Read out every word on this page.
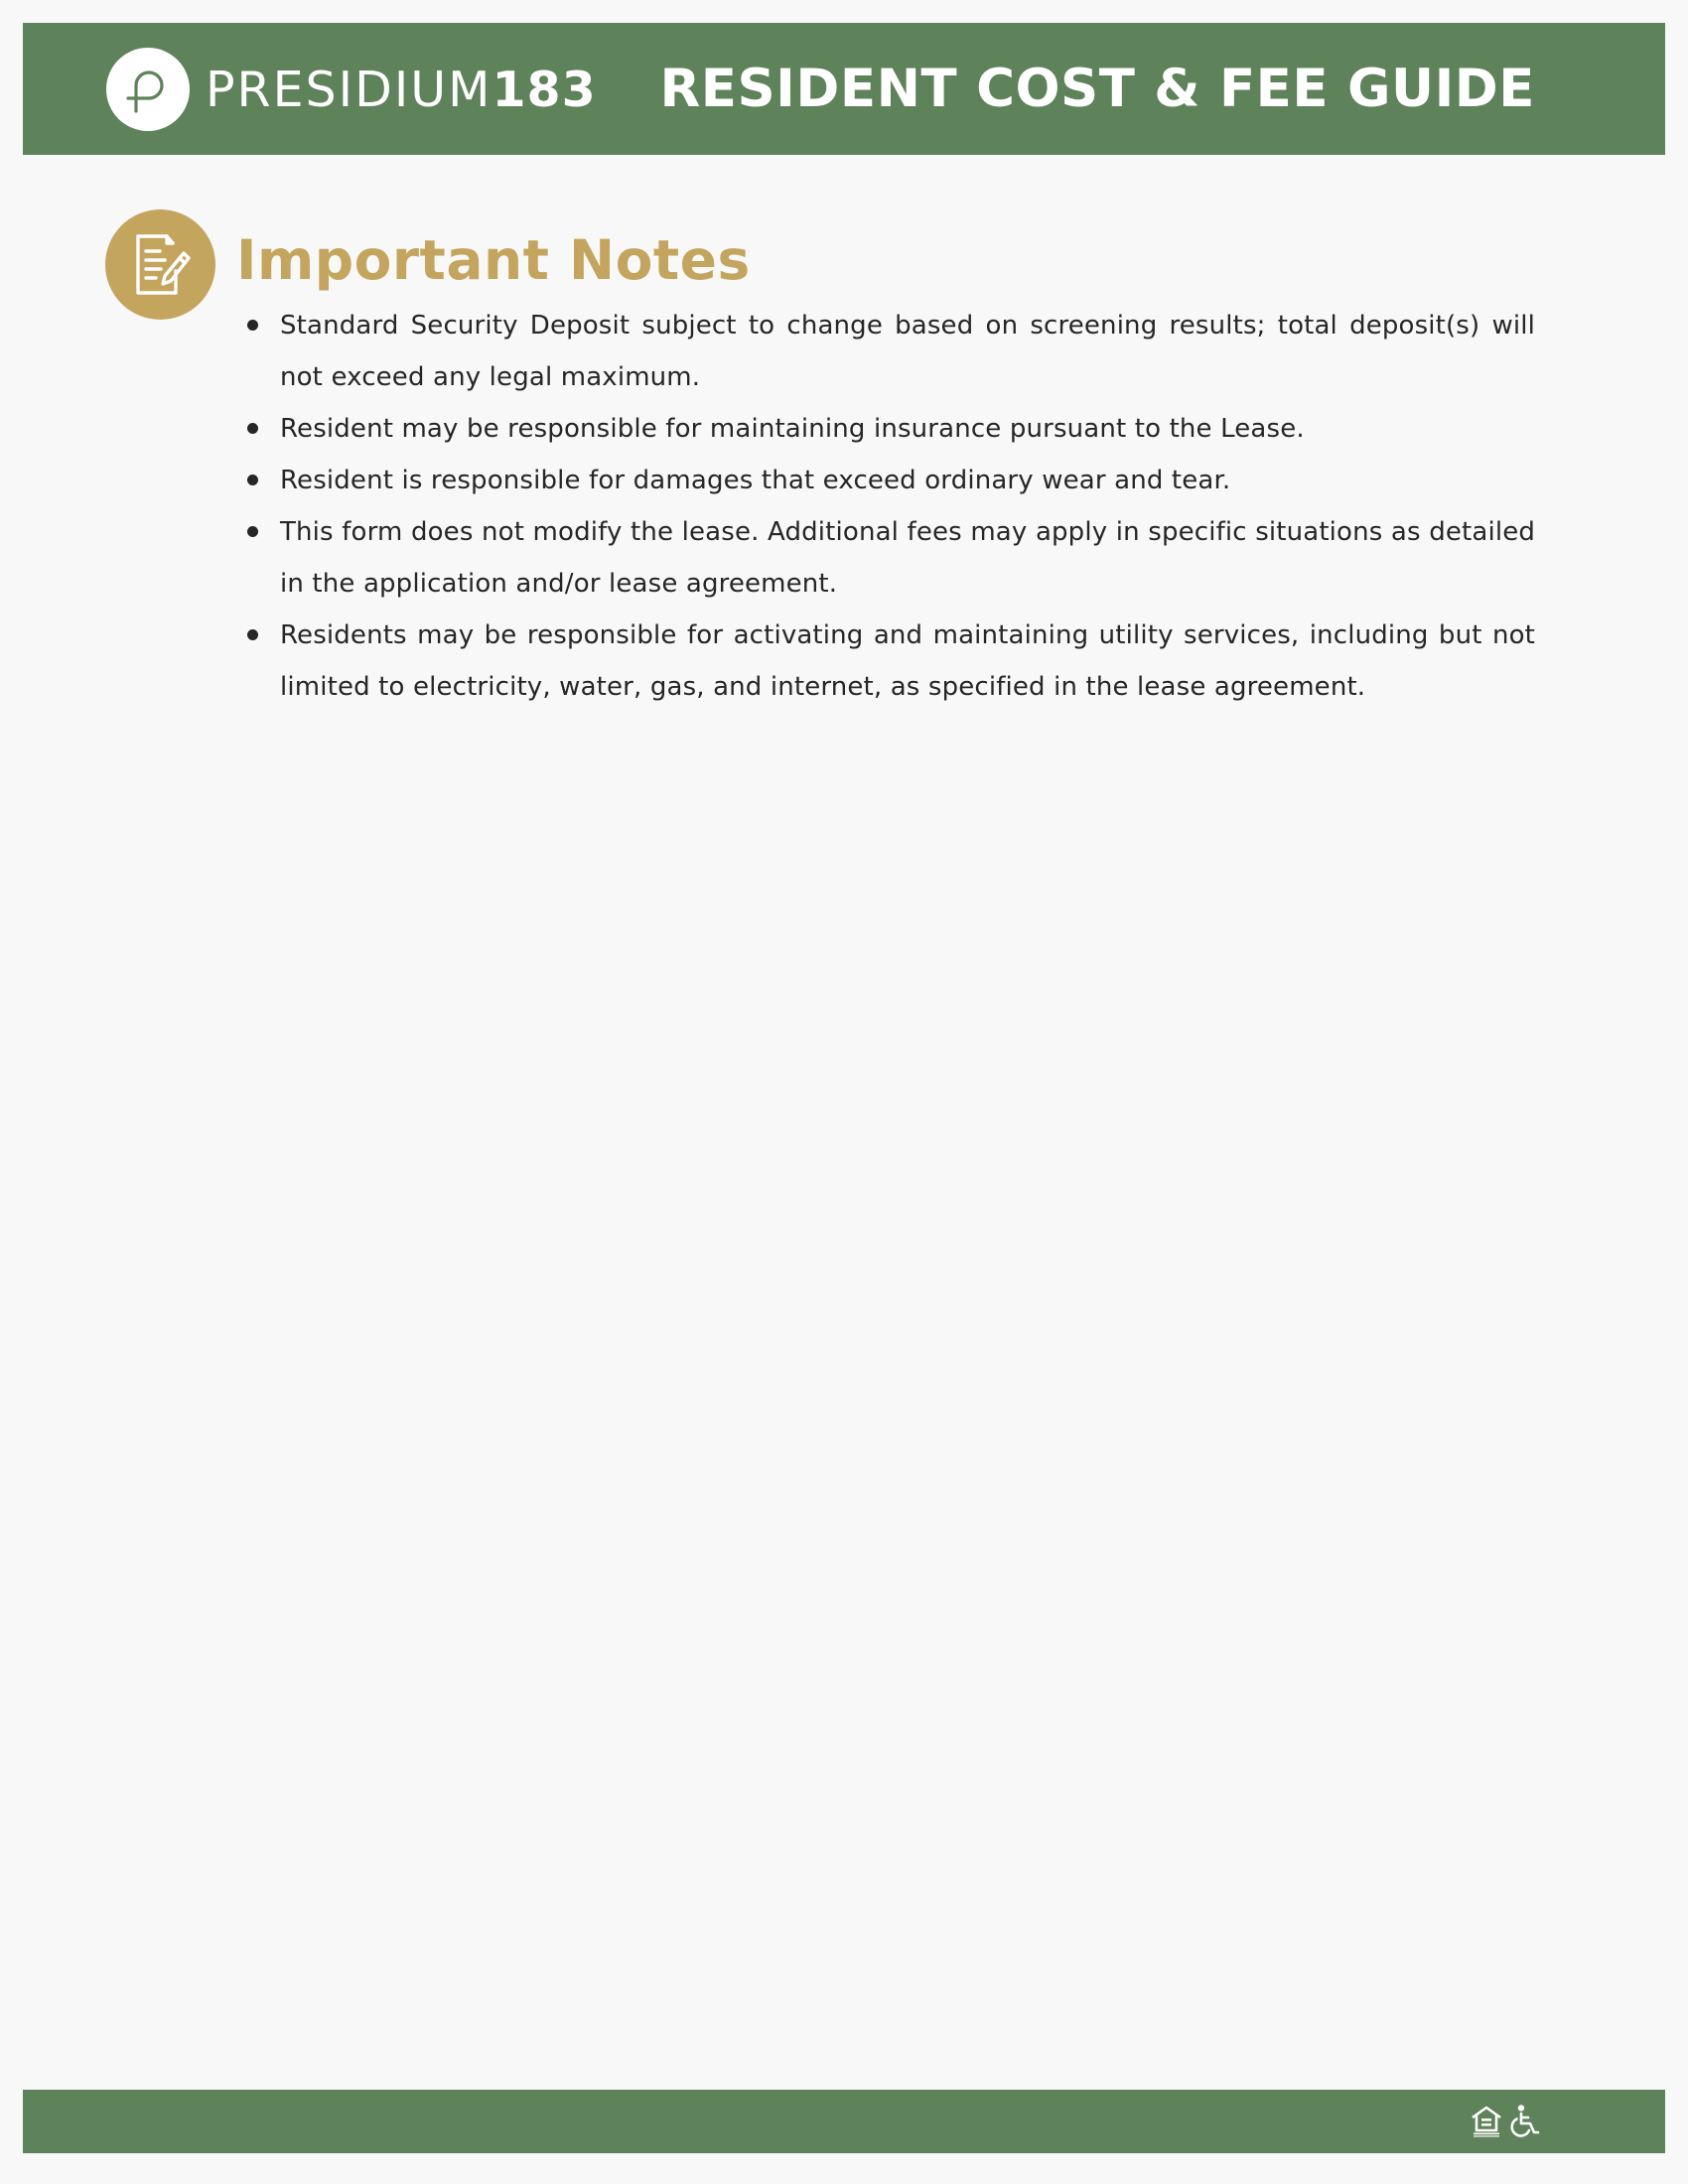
PRESIDIUM183 RESIDENT COST & FEE GUIDE
Important Notes
Standard Security Deposit subject to change based on screening results; total deposit(s) will not exceed any legal maximum.
Resident may be responsible for maintaining insurance pursuant to the Lease.
Resident is responsible for damages that exceed ordinary wear and tear.
This form does not modify the lease. Additional fees may apply in specific situations as detailed in the application and/or lease agreement.
Residents may be responsible for activating and maintaining utility services, including but not limited to electricity, water, gas, and internet, as specified in the lease agreement.
